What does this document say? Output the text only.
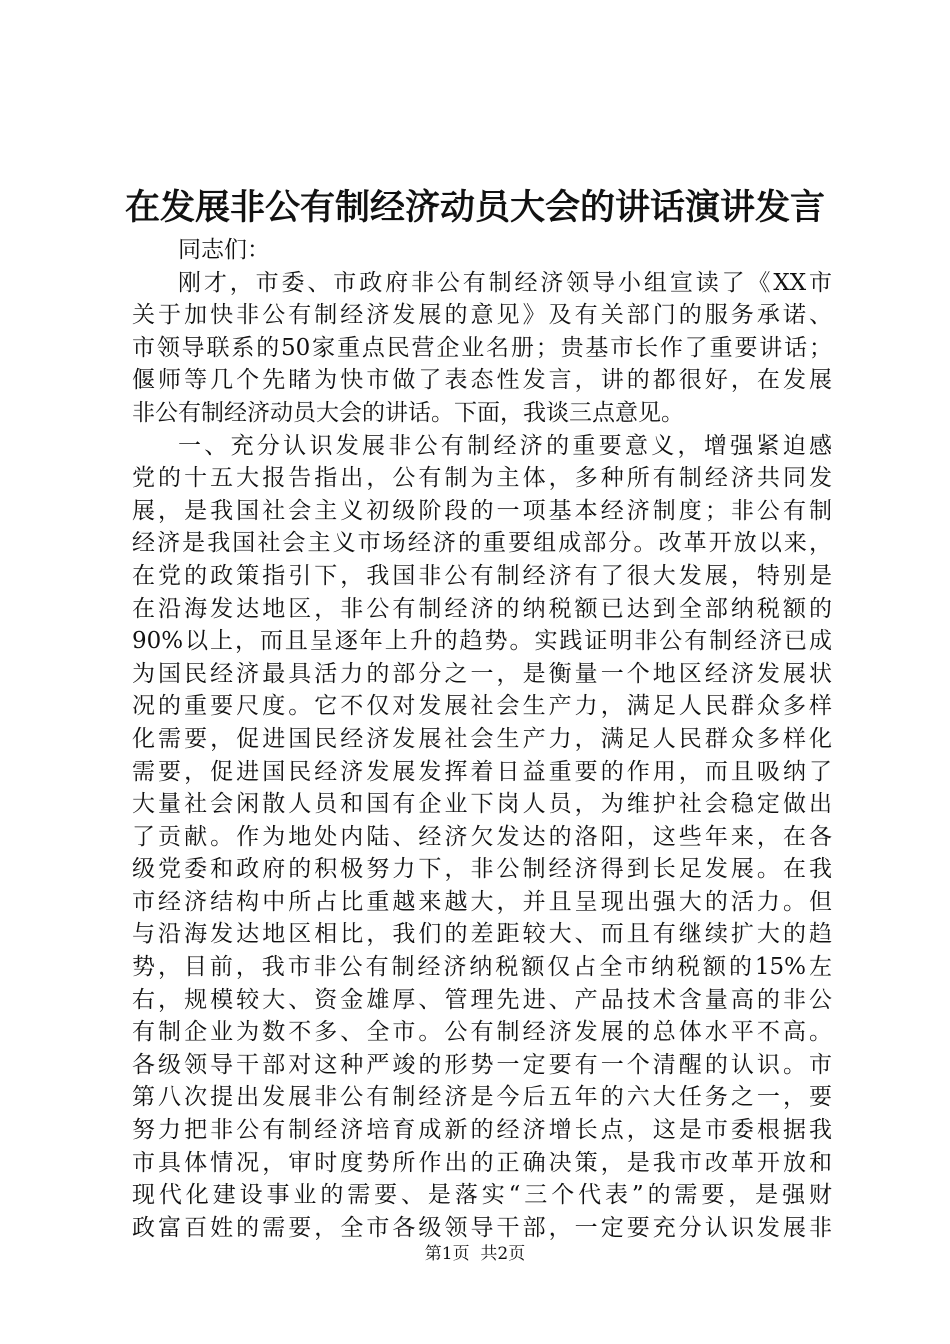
在发展非公有制经济动员大会的讲话演讲发言
同志们：
刚才，市委、市政府非公有制经济领导小组宣读了《XX市
关于加快非公有制经济发展的意见》及有关部门的服务承诺、
市领导联系的50家重点民营企业名册；贵基市长作了重要讲话；
偃师等几个先睹为快市做了表态性发言，讲的都很好，在发展
非公有制经济动员大会的讲话。下面，我谈三点意见。
一、充分认识发展非公有制经济的重要意义，增强紧迫感
党的十五大报告指出，公有制为主体，多种所有制经济共同发
展，是我国社会主义初级阶段的一项基本经济制度；非公有制
经济是我国社会主义市场经济的重要组成部分。改革开放以来，
在党的政策指引下，我国非公有制经济有了很大发展，特别是
在沿海发达地区，非公有制经济的纳税额已达到全部纳税额的
90%以上，而且呈逐年上升的趋势。实践证明非公有制经济已成
为国民经济最具活力的部分之一，是衡量一个地区经济发展状
况的重要尺度。它不仅对发展社会生产力，满足人民群众多样
化需要，促进国民经济发展社会生产力，满足人民群众多样化
需要，促进国民经济发展发挥着日益重要的作用，而且吸纳了
大量社会闲散人员和国有企业下岗人员，为维护社会稳定做出
了贡献。作为地处内陆、经济欠发达的洛阳，这些年来，在各
级党委和政府的积极努力下，非公制经济得到长足发展。在我
市经济结构中所占比重越来越大，并且呈现出强大的活力。但
与沿海发达地区相比，我们的差距较大、而且有继续扩大的趋
势，目前，我市非公有制经济纳税额仅占全市纳税额的15%左
右，规模较大、资金雄厚、管理先进、产品技术含量高的非公
有制企业为数不多、全市。公有制经济发展的总体水平不高。
各级领导干部对这种严竣的形势一定要有一个清醒的认识。市
第八次提出发展非公有制经济是今后五年的六大任务之一，要
努力把非公有制经济培育成新的经济增长点，这是市委根据我
市具体情况，审时度势所作出的正确决策，是我市改革开放和
现代化建设事业的需要、是落实“三个代表”的需要，是强财
政富百姓的需要，全市各级领导干部，一定要充分认识发展非
第1页 共2页
